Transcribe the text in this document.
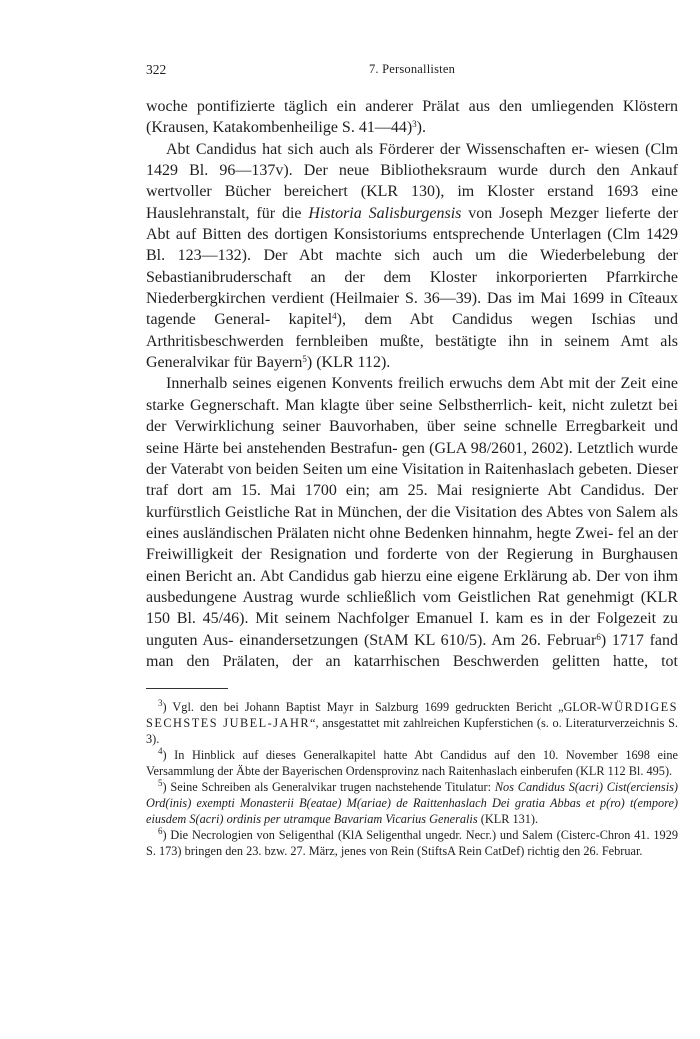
322	7. Personallisten

woche pontifizierte täglich ein anderer Prälat aus den umliegenden Klöstern (Krausen, Katakombenheilige S. 41—44)$^3$).

Abt Candidus hat sich auch als Förderer der Wissenschaften er- wiesen (Clm 1429 Bl. 96—137v). Der neue Bibliotheksraum wurde durch den Ankauf wertvoller Bücher bereichert (KLR 130), im Kloster erstand 1693 eine Hauslehranstalt, für die Historia Salisburgensis von Joseph Mezger lieferte der Abt auf Bitten des dortigen Konsistoriums entsprechende Unterlagen (Clm 1429 Bl. 123—132). Der Abt machte sich auch um die Wiederbelebung der Sebastianibruderschaft an der dem Kloster inkorporierten Pfarrkirche Niederbergkirchen verdient (Heilmaier S. 36—39). Das im Mai 1699 in Cîteaux tagende General- kapitel$^4$), dem Abt Candidus wegen Ischias und Arthritisbeschwerden fernbleiben mußte, bestätigte ihn in seinem Amt als Generalvikar für Bayern$^5$) (KLR 112).

Innerhalb seines eigenen Konvents freilich erwuchs dem Abt mit der Zeit eine starke Gegnerschaft. Man klagte über seine Selbstherrlich- keit, nicht zuletzt bei der Verwirklichung seiner Bauvorhaben, über seine schnelle Erregbarkeit und seine Härte bei anstehenden Bestrafun- gen (GLA 98/2601, 2602). Letztlich wurde der Vaterabt von beiden Seiten um eine Visitation in Raitenhaslach gebeten. Dieser traf dort am 15. Mai 1700 ein; am 25. Mai resignierte Abt Candidus. Der kurfürstlich Geistliche Rat in München, der die Visitation des Abtes von Salem als eines ausländischen Prälaten nicht ohne Bedenken hinnahm, hegte Zwei- fel an der Freiwilligkeit der Resignation und forderte von der Regierung in Burghausen einen Bericht an. Abt Candidus gab hierzu eine eigene Erklärung ab. Der von ihm ausbedungene Austrag wurde schließlich vom Geistlichen Rat genehmigt (KLR 150 Bl. 45/46). Mit seinem Nachfolger Emanuel I. kam es in der Folgezeit zu unguten Aus- einandersetzungen (StAM KL 610/5). Am 26. Februar$^6$) 1717 fand man den Prälaten, der an katarrhischen Beschwerden gelitten hatte, tot

$^3$) Vgl. den bei Johann Baptist Mayr in Salzburg 1699 gedruckten Bericht „GLOR-WÜRDIGES SECHSTES JUBEL-JAHR“, ansgestattet mit zahlreichen Kupferstichen (s. o. Literaturverzeichnis S. 3).

$^4$) In Hinblick auf dieses Generalkapitel hatte Abt Candidus auf den 10. November 1698 eine Versammlung der Äbte der Bayerischen Ordensprovinz nach Raitenhaslach einberufen (KLR 112 Bl. 495).

$^5$) Seine Schreiben als Generalvikar trugen nachstehende Titulatur: Nos Candidus S(acri) Cist(erciensis) Ord(inis) exempti Monasterii B(eatae) M(ariae) de Raittenhaslach Dei gratia Abbas et p(ro) t(empore) eiusdem S(acri) ordinis per utramque Bavariam Vicarius Generalis (KLR 131).

$^6$) Die Necrologien von Seligenthal (KlA Seligenthal ungedr. Necr.) und Salem (Cisterc-Chron 41. 1929 S. 173) bringen den 23. bzw. 27. März, jenes von Rein (StiftsA Rein CatDef) richtig den 26. Februar.
